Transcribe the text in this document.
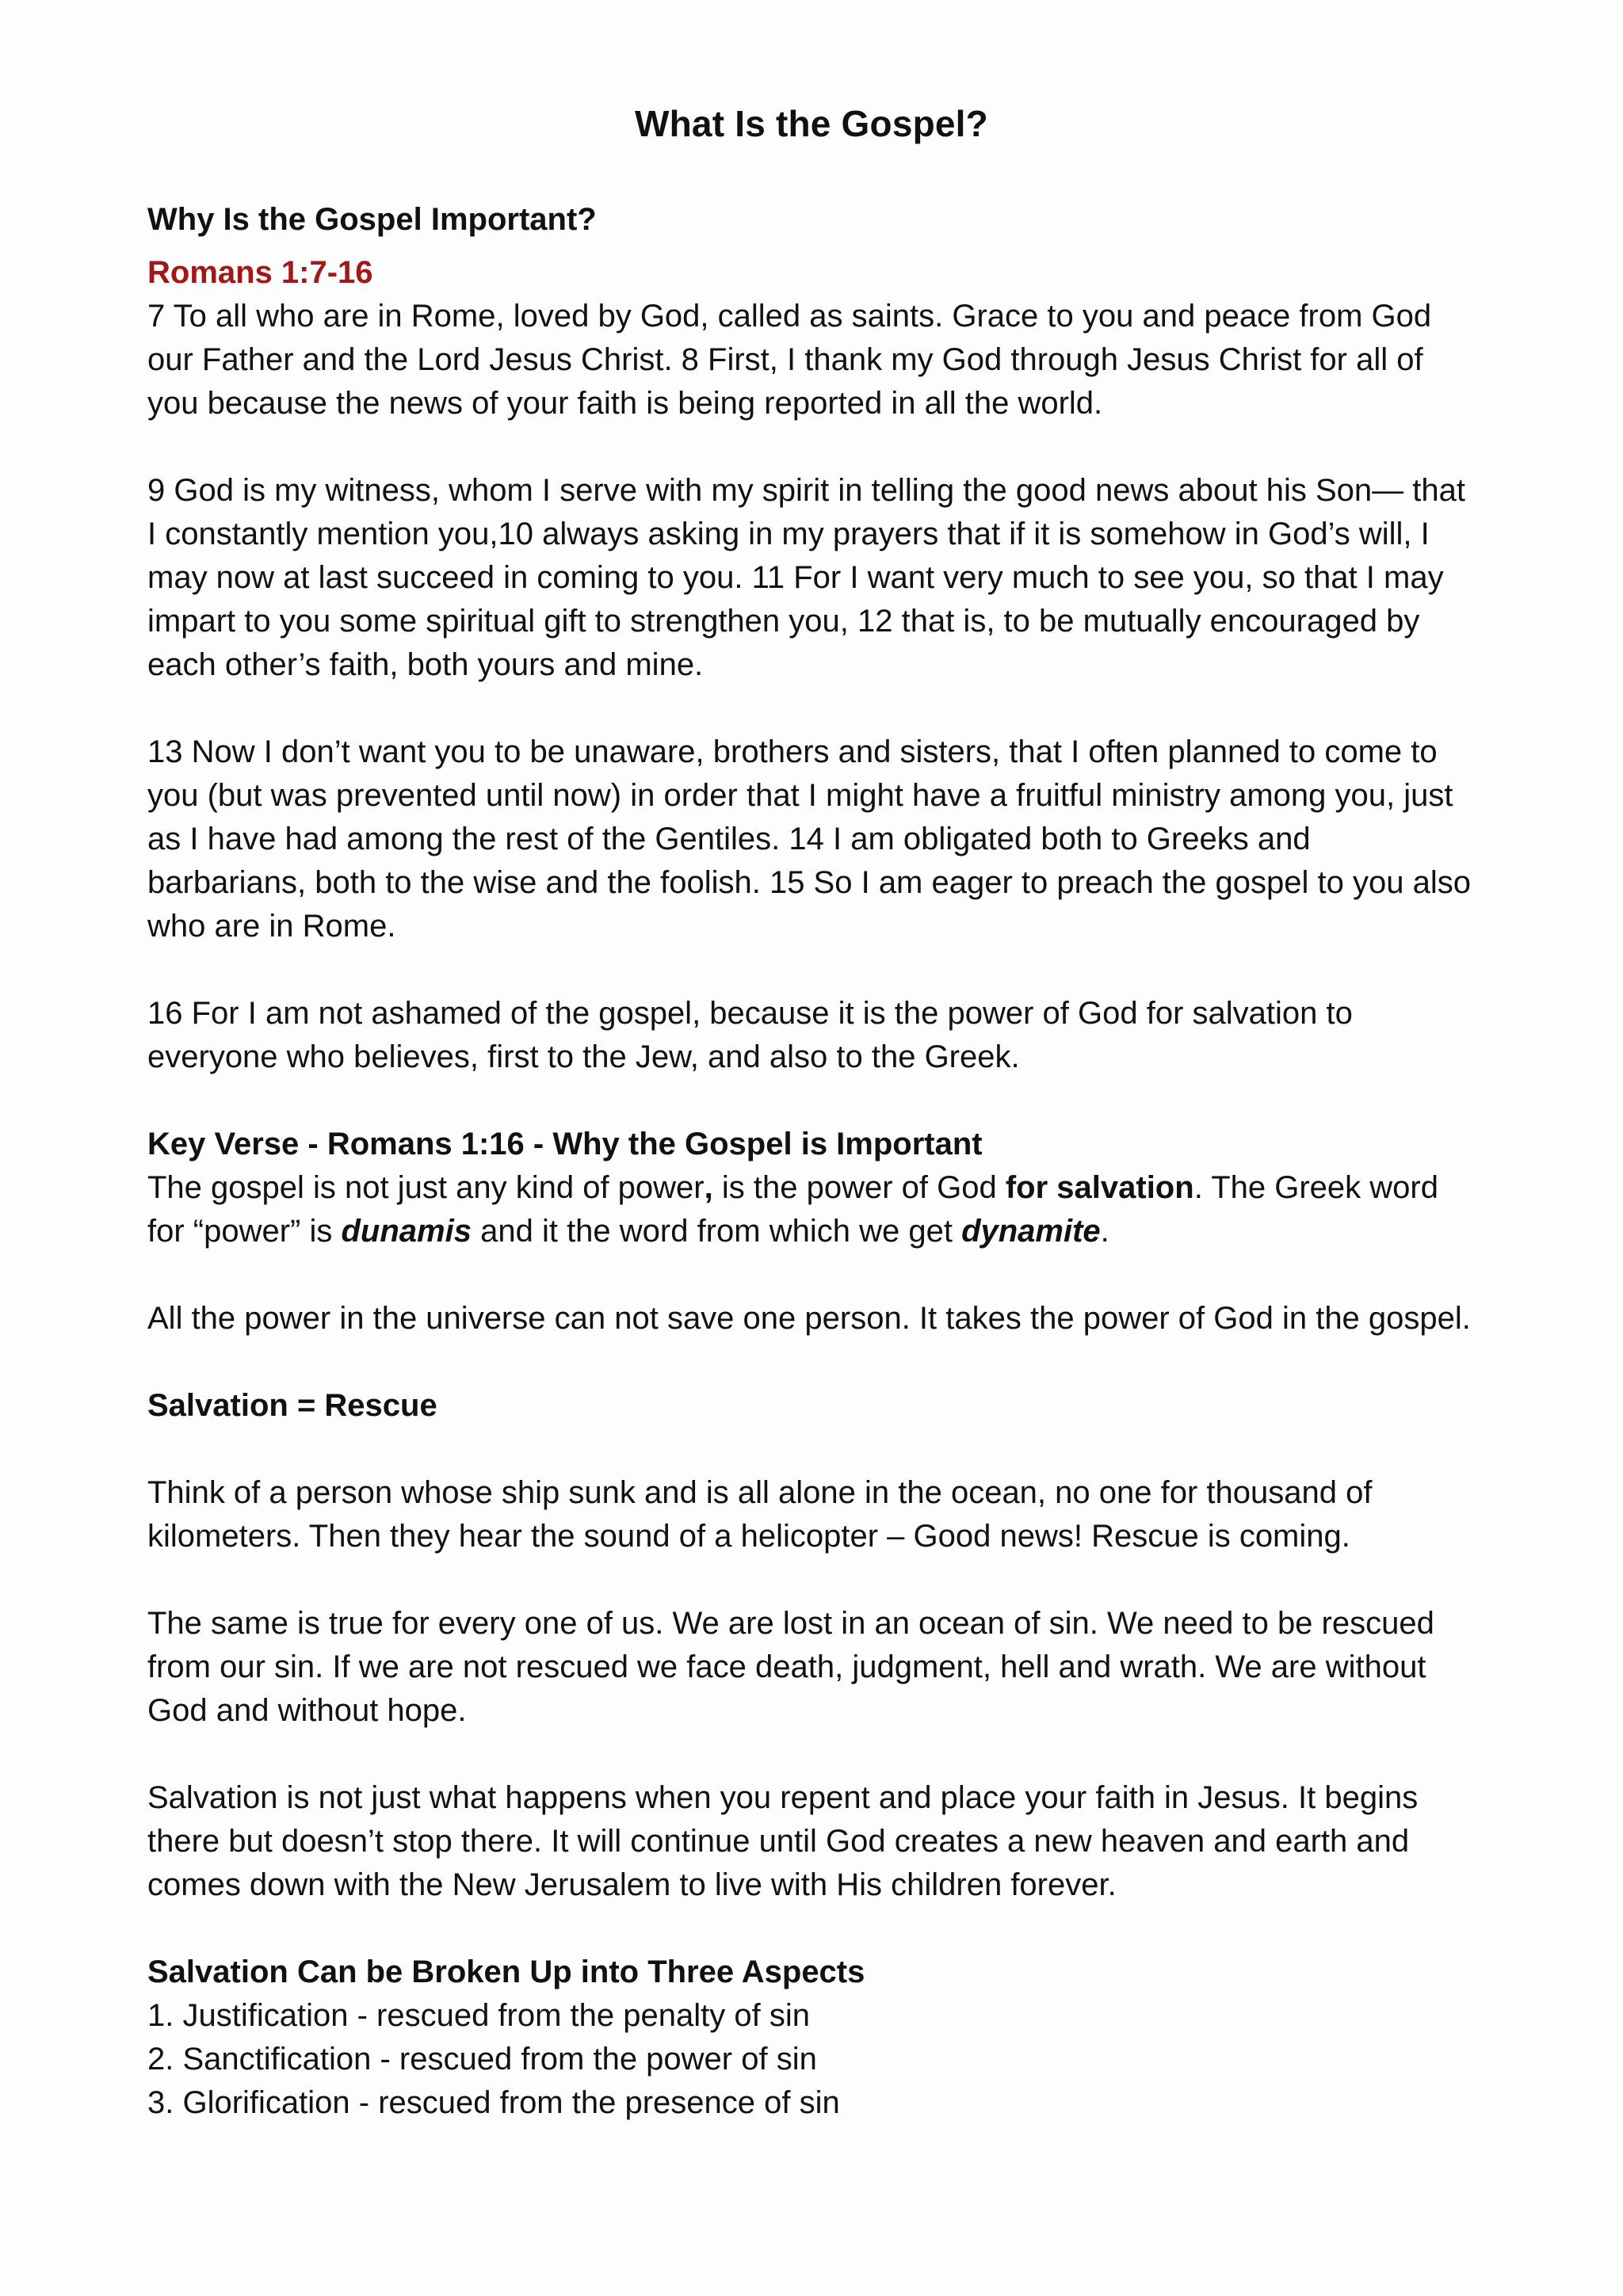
What Is the Gospel?
Why Is the Gospel Important?
Romans 1:7-16

7 To all who are in Rome, loved by God, called as saints. Grace to you and peace from God our Father and the Lord Jesus Christ. 8 First, I thank my God through Jesus Christ for all of you because the news of your faith is being reported in all the world.

9 God is my witness, whom I serve with my spirit in telling the good news about his Son— that I constantly mention you,10 always asking in my prayers that if it is somehow in God’s will, I may now at last succeed in coming to you. 11 For I want very much to see you, so that I may impart to you some spiritual gift to strengthen you, 12 that is, to be mutually encouraged by each other’s faith, both yours and mine.

13 Now I don’t want you to be unaware, brothers and sisters, that I often planned to come to you (but was prevented until now) in order that I might have a fruitful ministry among you, just as I have had among the rest of the Gentiles. 14 I am obligated both to Greeks and barbarians, both to the wise and the foolish. 15 So I am eager to preach the gospel to you also who are in Rome.

16 For I am not ashamed of the gospel, because it is the power of God for salvation to everyone who believes, first to the Jew, and also to the Greek.

Key Verse - Romans 1:16 - Why the Gospel is Important

The gospel is not just any kind of power, is the power of God for salvation. The Greek word for “power” is dunamis and it the word from which we get dynamite.

All the power in the universe can not save one person. It takes the power of God in the gospel.

Salvation = Rescue

Think of a person whose ship sunk and is all alone in the ocean, no one for thousand of kilometers. Then they hear the sound of a helicopter – Good news! Rescue is coming.

The same is true for every one of us. We are lost in an ocean of sin. We need to be rescued from our sin. If we are not rescued we face death, judgment, hell and wrath. We are without God and without hope.

Salvation is not just what happens when you repent and place your faith in Jesus. It begins there but doesn’t stop there. It will continue until God creates a new heaven and earth and comes down with the New Jerusalem to live with His children forever.

Salvation Can be Broken Up into Three Aspects
1. Justification - rescued from the penalty of sin
2. Sanctification - rescued from the power of sin
3. Glorification - rescued from the presence of sin
